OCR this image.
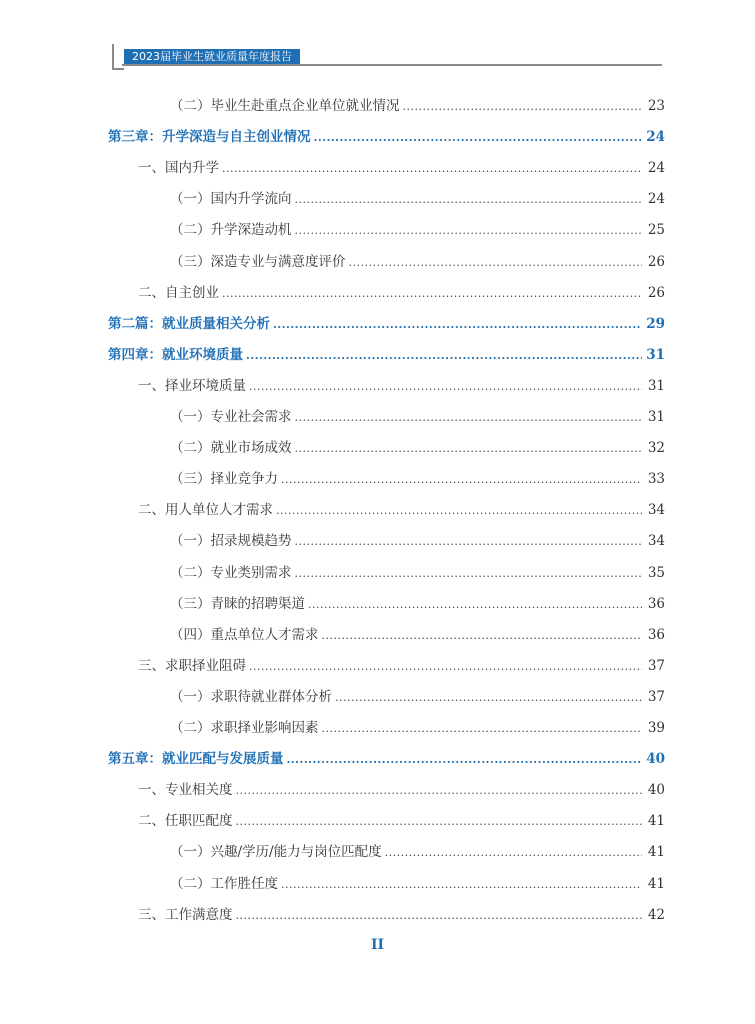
2023届毕业生就业质量年度报告
（二）毕业生赴重点企业单位就业情况 .....	23
第三章：升学深造与自主创业情况 .....	24
一、国内升学 .....	24
（一）国内升学流向 .....	24
（二）升学深造动机 .....	25
（三）深造专业与满意度评价 .....	26
二、自主创业 .....	26
第二篇：就业质量相关分析 .....	29
第四章：就业环境质量 .....	31
一、择业环境质量 .....	31
（一）专业社会需求 .....	31
（二）就业市场成效 .....	32
（三）择业竞争力 .....	33
二、用人单位人才需求 .....	34
（一）招录规模趋势 .....	34
（二）专业类别需求 .....	35
（三）青睐的招聘渠道 .....	36
（四）重点单位人才需求 .....	36
三、求职择业阻碍 .....	37
（一）求职待就业群体分析 .....	37
（二）求职择业影响因素 .....	39
第五章：就业匹配与发展质量 .....	40
一、专业相关度 .....	40
二、任职匹配度 .....	41
（一）兴趣/学历/能力与岗位匹配度 .....	41
（二）工作胜任度 .....	41
三、工作满意度 .....	42
II
